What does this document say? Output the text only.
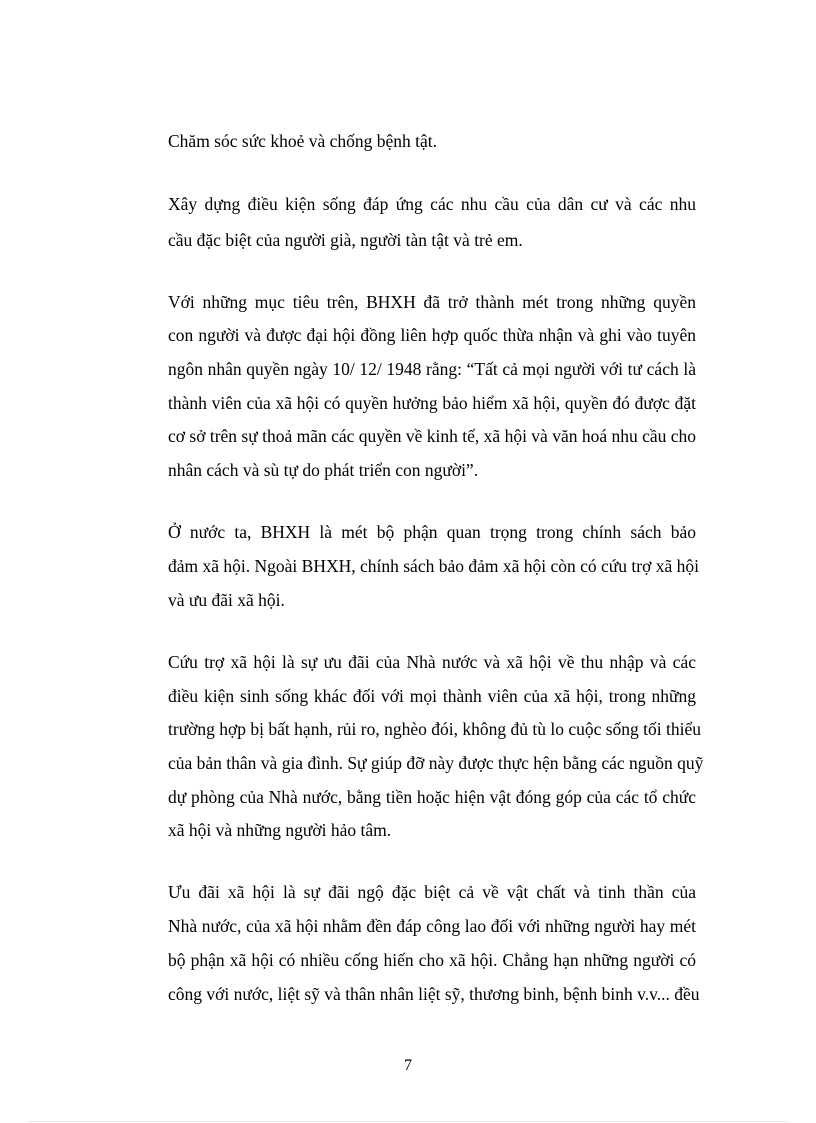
Chăm sóc sức khoẻ và chống bệnh tật.
Xây dựng điều kiện sống đáp ứng các nhu cầu của dân cư và các nhu
cầu đặc biệt của người già, người tàn tật và trẻ em.
Với những mục tiêu trên, BHXH đã trở thành mét trong những quyền
con người và được đại hội đồng liên hợp quốc thừa nhận và ghi vào tuyên
ngôn nhân quyền ngày 10/ 12/ 1948 rằng: “Tất cả mọi người với tư cách là
thành viên của xã hội có quyền hưởng bảo hiểm xã hội, quyền đó được đặt
cơ sở trên sự thoả mãn các quyền về kinh tế, xã hội và văn hoá nhu cầu cho
nhân cách và sù tự do phát triển con người”.
Ở nước ta, BHXH là mét bộ phận quan trọng trong chính sách bảo
đảm xã hội. Ngoài BHXH, chính sách bảo đảm xã hội còn có cứu trợ xã hội
và ưu đãi xã hội.
Cứu trợ xã hội là sự ưu đãi của Nhà nước và xã hội về thu nhập và các
điều kiện sinh sống khác đối với mọi thành viên của xã hội, trong những
trường hợp bị bất hạnh, rủi ro, nghèo đói, không đủ tù lo cuộc sống tối thiểu
của bản thân và gia đình. Sự giúp đỡ này được thực hện bằng các nguồn quỹ
dự phòng của Nhà nước, bằng tiền hoặc hiện vật đóng góp của các tổ chức
xã hội và những người hảo tâm.
Ưu đãi xã hội là sự đãi ngộ đặc biệt cả về vật chất và tinh thần của
Nhà nước, của xã hội nhằm đền đáp công lao đối với những người hay mét
bộ phận xã hội có nhiều cống hiến cho xã hội. Chẳng hạn những người có
công với nước, liệt sỹ và thân nhân liệt sỹ, thương binh, bệnh binh v.v... đều
7
